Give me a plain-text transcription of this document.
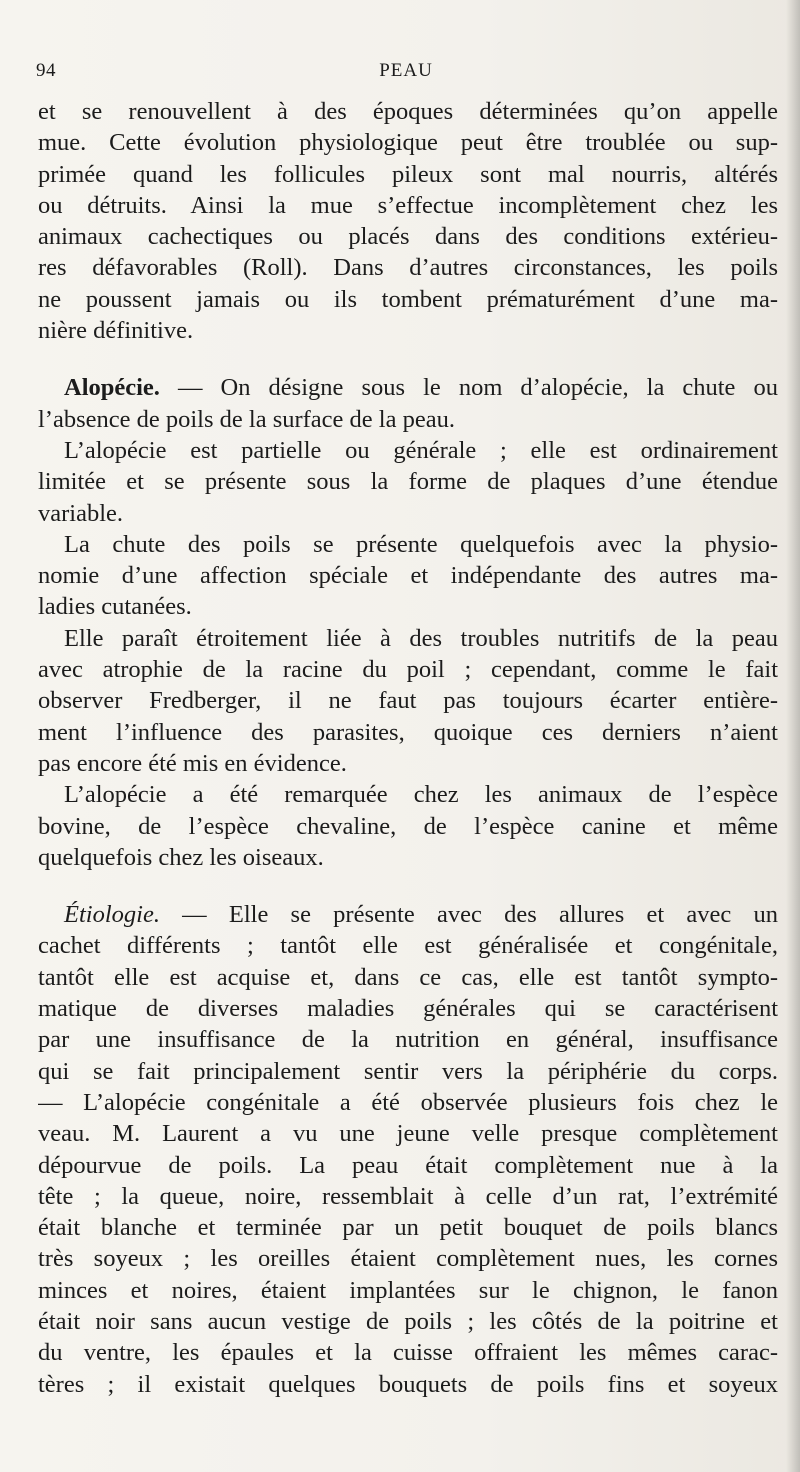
94	PEAU
et se renouvellent à des époques déterminées qu’on appelle
mue. Cette évolution physiologique peut être troublée ou sup-
primée quand les follicules pileux sont mal nourris, altérés
ou détruits. Ainsi la mue s’effectue incomplètement chez les
animaux cachectiques ou placés dans des conditions extérieu-
res défavorables (Roll). Dans d’autres circonstances, les poils
ne poussent jamais ou ils tombent prématurément d’une ma-
nière définitive.
Alopécie. — On désigne sous le nom d’alopécie, la chute ou
l’absence de poils de la surface de la peau.
L’alopécie est partielle ou générale ; elle est ordinairement
limitée et se présente sous la forme de plaques d’une étendue
variable.
La chute des poils se présente quelquefois avec la physio-
nomie d’une affection spéciale et indépendante des autres ma-
ladies cutanées.
Elle paraît étroitement liée à des troubles nutritifs de la peau
avec atrophie de la racine du poil ; cependant, comme le fait
observer Fredberger, il ne faut pas toujours écarter entière-
ment l’influence des parasites, quoique ces derniers n’aient
pas encore été mis en évidence.
L’alopécie a été remarquée chez les animaux de l’espèce
bovine, de l’espèce chevaline, de l’espèce canine et même
quelquefois chez les oiseaux.
Étiologie. — Elle se présente avec des allures et avec un
cachet différents ; tantôt elle est généralisée et congénitale,
tantôt elle est acquise et, dans ce cas, elle est tantôt sympto-
matique de diverses maladies générales qui se caractérisent
par une insuffisance de la nutrition en général, insuffisance
qui se fait principalement sentir vers la périphérie du corps.
— L’alopécie congénitale a été observée plusieurs fois chez le
veau. M. Laurent a vu une jeune velle presque complètement
dépourvue de poils. La peau était complètement nue à la
tête ; la queue, noire, ressemblait à celle d’un rat, l’extrémité
était blanche et terminée par un petit bouquet de poils blancs
très soyeux ; les oreilles étaient complètement nues, les cornes
minces et noires, étaient implantées sur le chignon, le fanon
était noir sans aucun vestige de poils ; les côtés de la poitrine et
du ventre, les épaules et la cuisse offraient les mêmes carac-
tères ; il existait quelques bouquets de poils fins et soyeux
